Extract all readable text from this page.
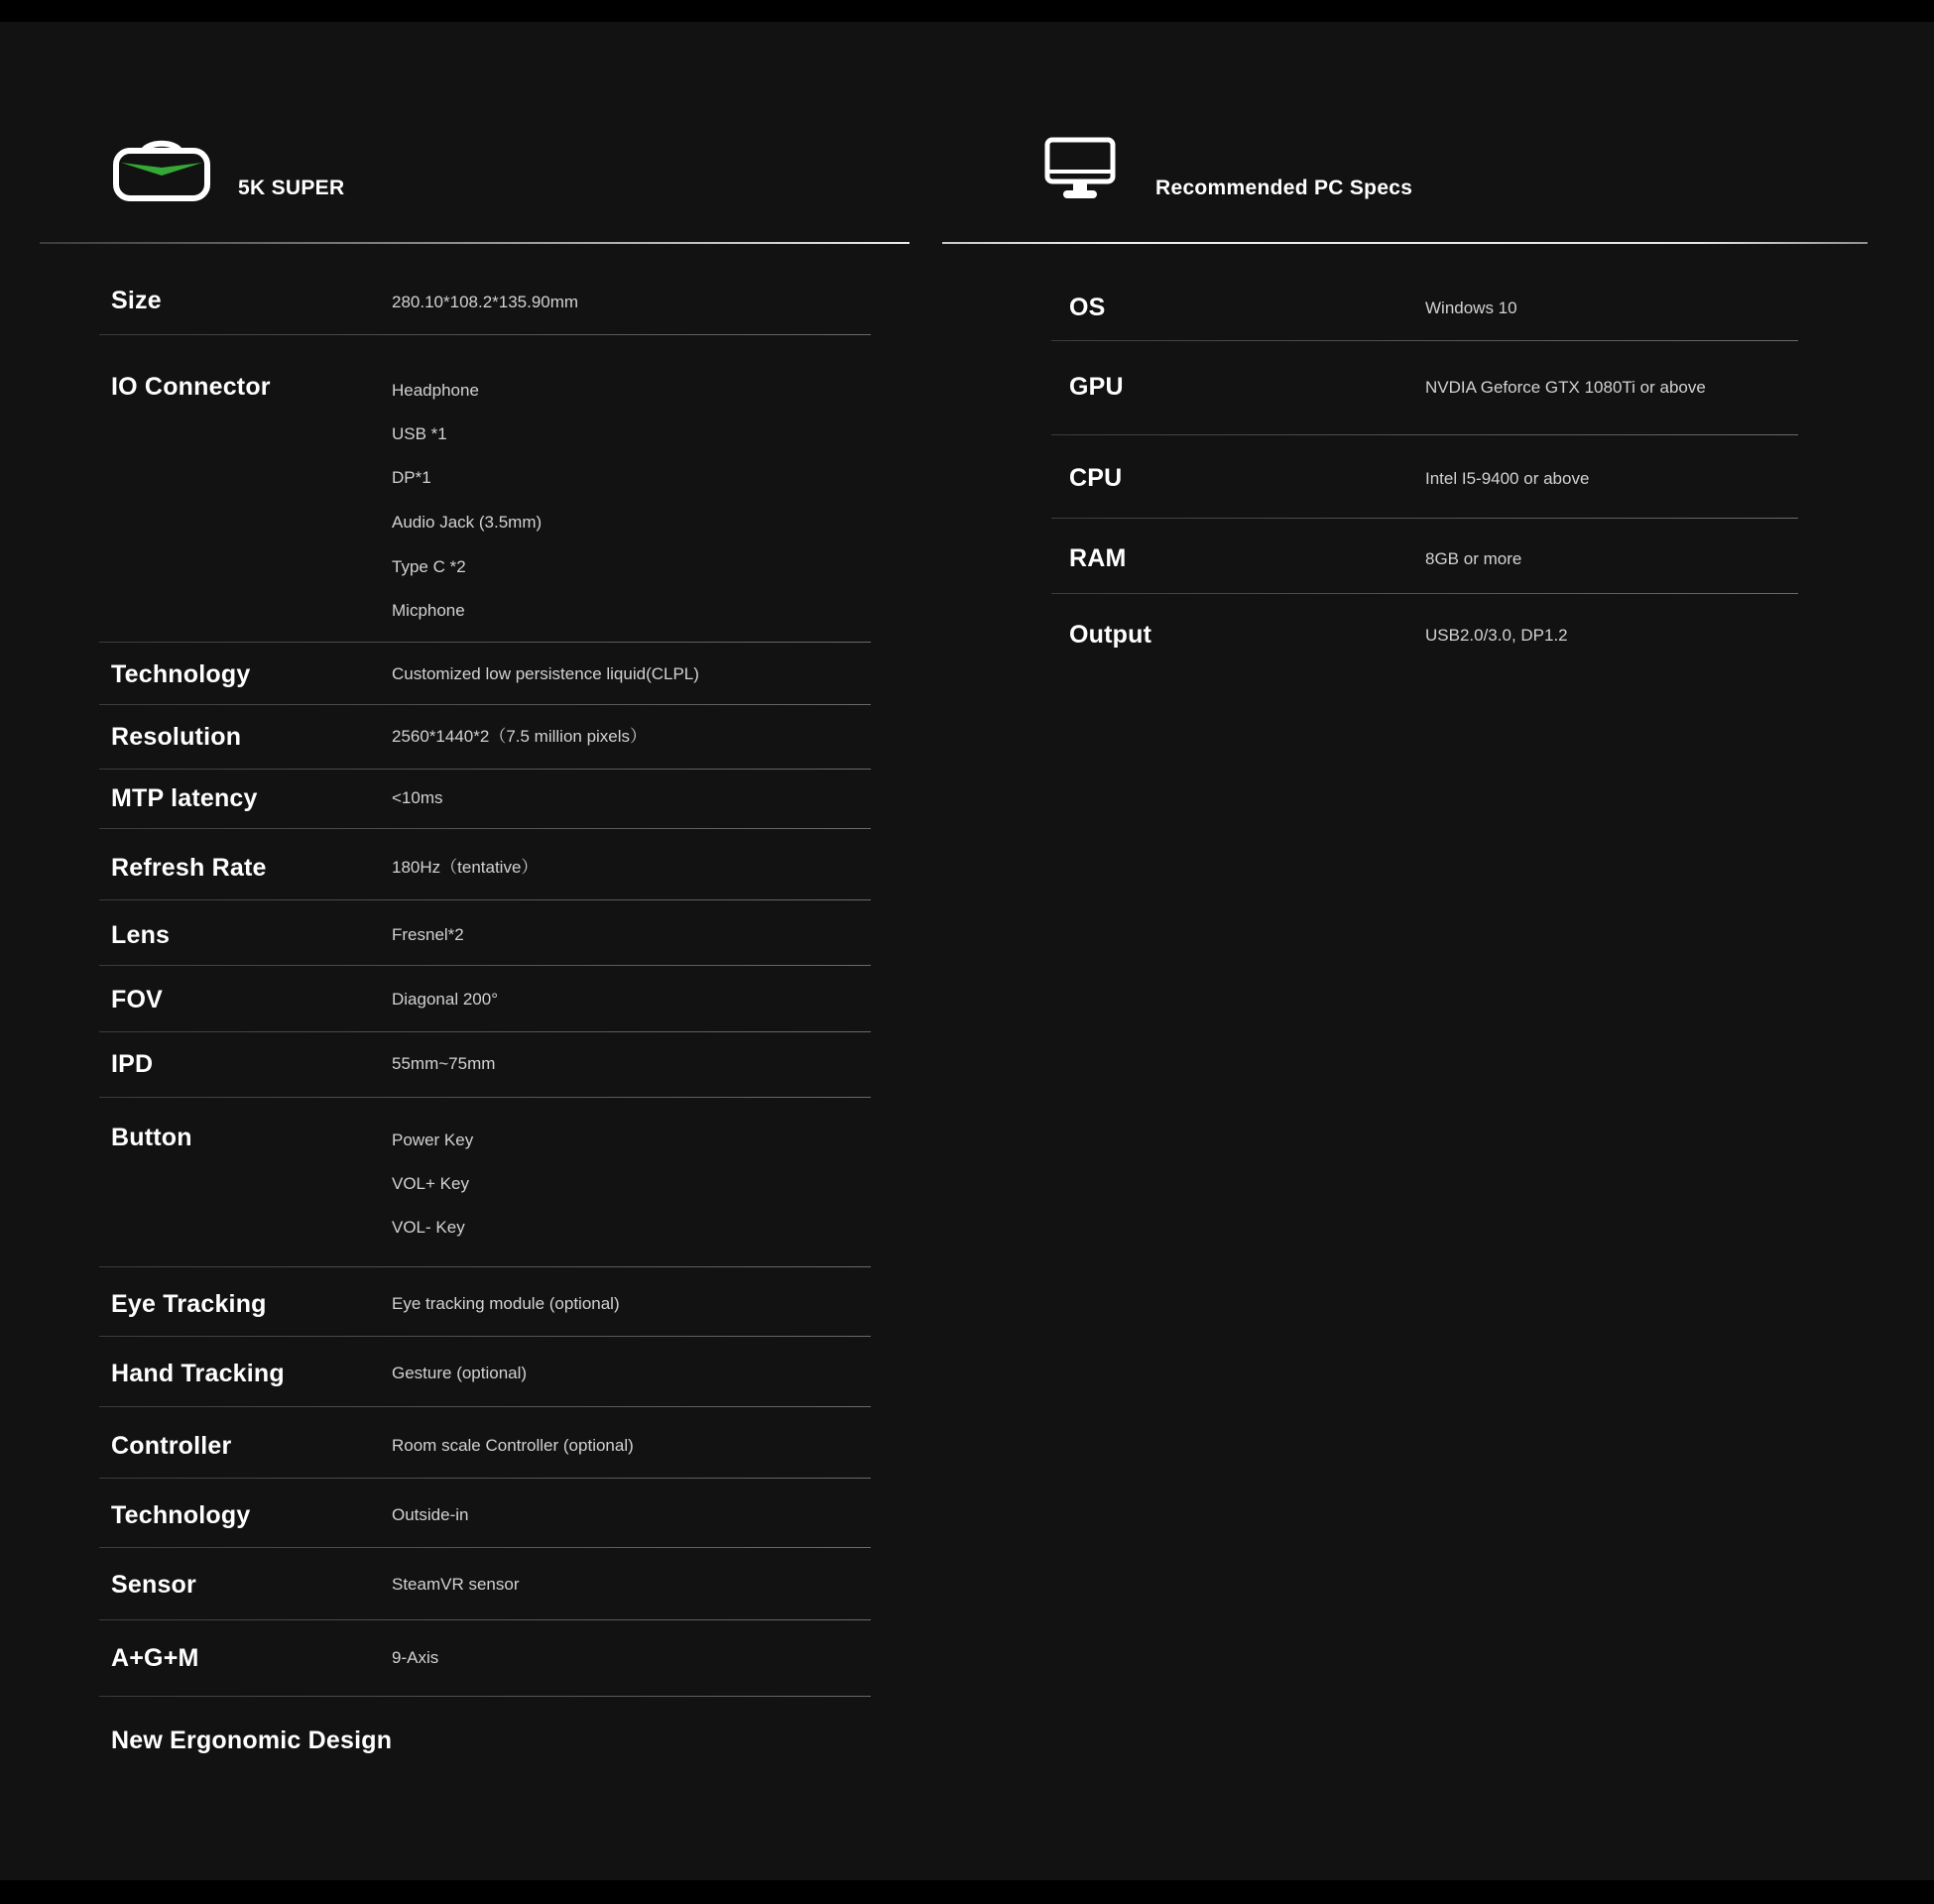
5K SUPER	Recommended PC Specs
Size	280.10*108.2*135.90mm
IO Connector	Headphone
USB *1
DP*1
Audio Jack (3.5mm)
Type C *2
Micphone
Technology	Customized low persistence liquid(CLPL)
Resolution	2560*1440*2（7.5 million pixels）
MTP latency	<10ms
Refresh Rate	180Hz（tentative）
Lens	Fresnel*2
FOV	Diagonal 200°
IPD	55mm~75mm
Button	Power Key
VOL+ Key
VOL- Key
Eye Tracking	Eye tracking module (optional)
Hand Tracking	Gesture (optional)
Controller	Room scale Controller (optional)
Technology	Outside-in
Sensor	SteamVR sensor
A+G+M	9-Axis
New Ergonomic Design
OS	Windows 10
GPU	NVDIA Geforce GTX 1080Ti or above
CPU	Intel I5-9400 or above
RAM	8GB or more
Output	USB2.0/3.0, DP1.2
